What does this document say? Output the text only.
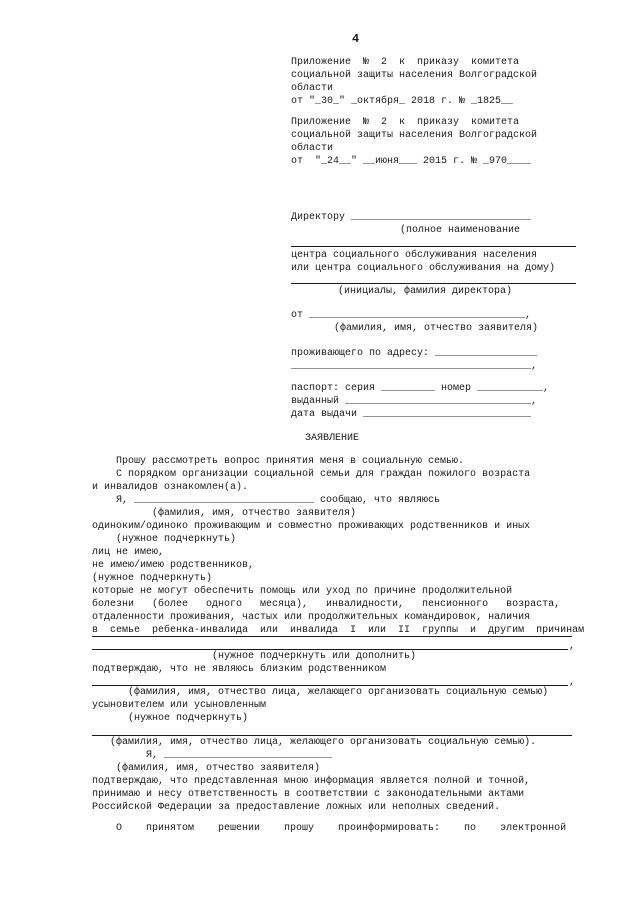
4
Приложение  №  2  к  приказу  комитета
социальной защиты населения Волгоградской
области
от "_30_" _октября_ 2018 г. № _1825__
Приложение  №  2  к  приказу  комитета
социальной защиты населения Волгоградской
области
от  "_24__" __июня___ 2015 г. № _970____
Директору ______________________________
(полное наименование
центра социального обслуживания населения
или центра социального обслуживания на дому)
(инициалы, фамилия директора)
от ____________________________________,
(фамилия, имя, отчество заявителя)
проживающего по адресу: _________________
________________________________________,
паспорт: серия _________ номер ___________,
выданный _______________________________,
дата выдачи ____________________________
ЗАЯВЛЕНИЕ
Прошу рассмотреть вопрос принятия меня в социальную семью.
С порядком организации социальной семьи для граждан пожилого возраста
и инвалидов ознакомлен(а).
Я, ______________________________ сообщаю, что являюсь
(фамилия, имя, отчество заявителя)
одиноким/одиноко проживающим и совместно проживающих родственников и иных
(нужное подчеркнуть)
лиц не имею,
не имею/имею родственников,
(нужное подчеркнуть)
которые не могут обеспечить помощь или уход по причине продолжительной
болезни   (более   одного   месяца),   инвалидности,   пенсионного   возраста,
отдаленности проживания, частых или продолжительных командировок, наличия
в  семье  ребенка-инвалида  или  инвалида  I  или  II  группы  и  другим  причинам
,
(нужное подчеркнуть или дополнить)
подтверждаю, что не являюсь близким родственником
,
(фамилия, имя, отчество лица, желающего организовать социальную семью)
усыновителем или усыновленным
(нужное подчеркнуть)
(фамилия, имя, отчество лица, желающего организовать социальную семью).
Я, ____________________________
(фамилия, имя, отчество заявителя)
подтверждаю, что представленная мною информация является полной и точной,
принимаю и несу ответственность в соответствии с законодательными актами
Российской Федерации за предоставление ложных или неполных сведений.
О    принятом    решении    прошу    проинформировать:    по    электронной
